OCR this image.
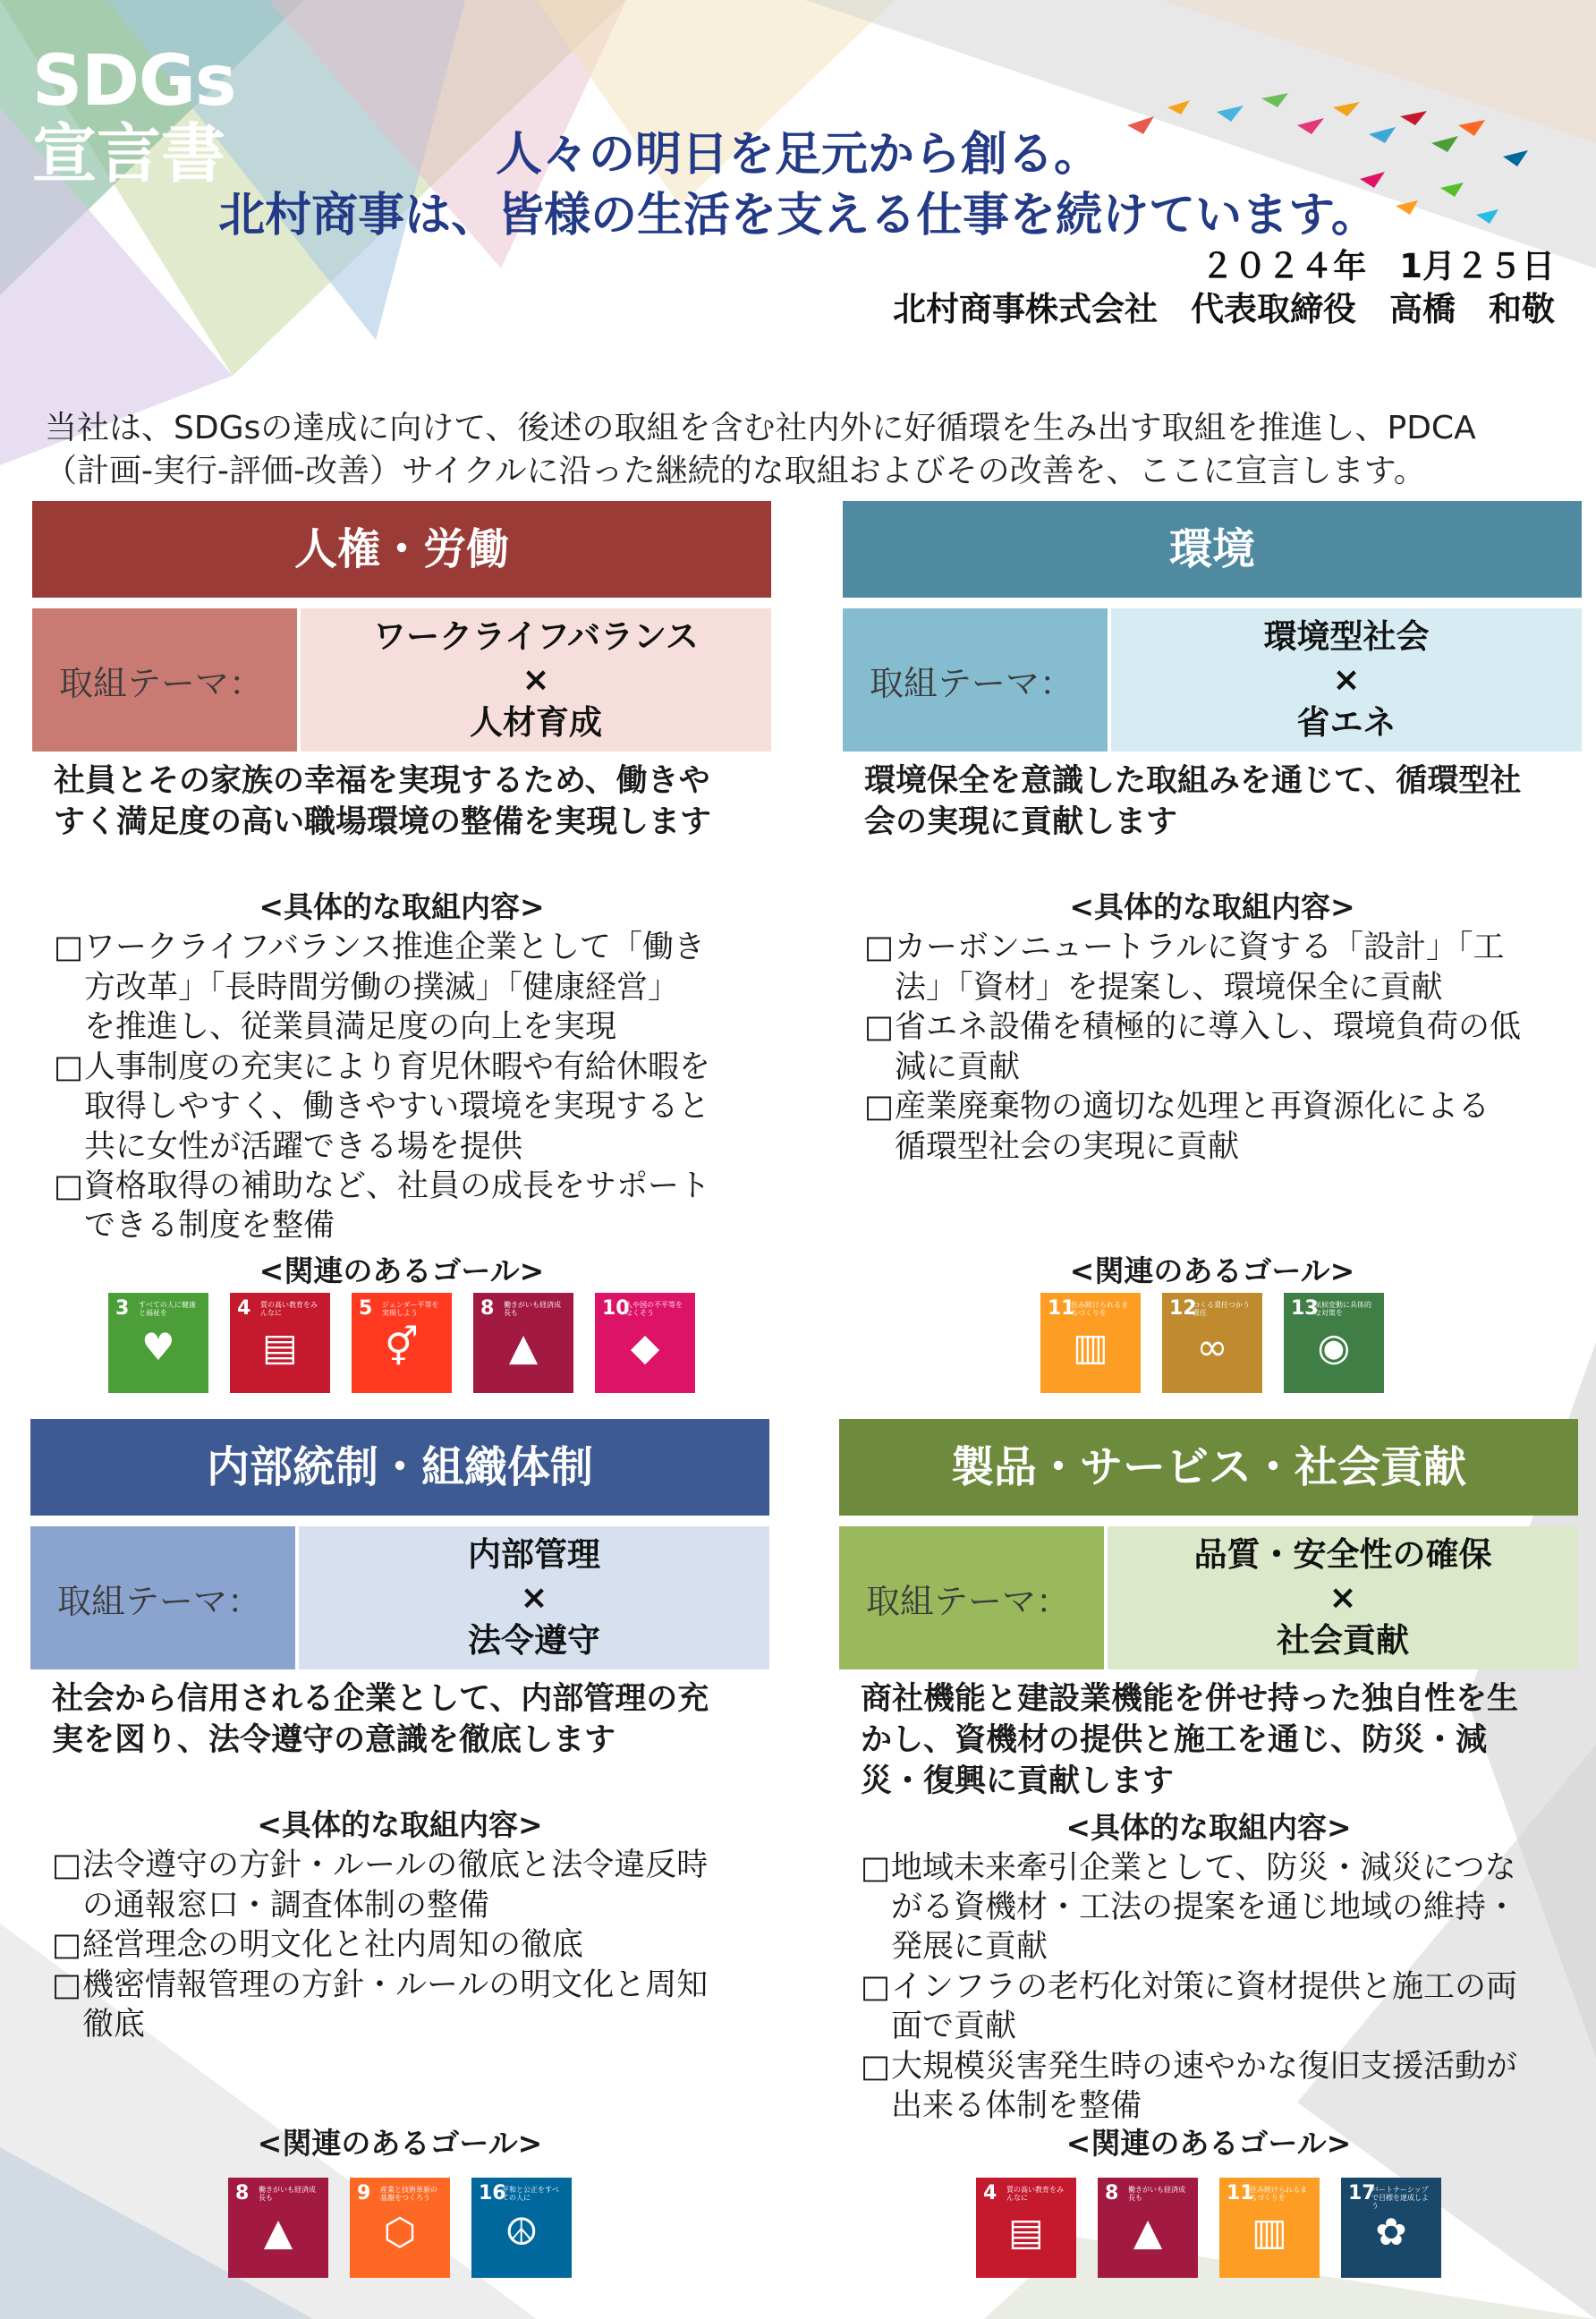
SDGs
宣言書	人々の明日を足元から創る。
北村商事は、皆様の生活を支える仕事を続けています。
２０２４年　1月２５日
北村商事株式会社　代表取締役　高橋　和敬
当社は、SDGsの達成に向けて、後述の取組を含む社内外に好循環を生み出す取組を推進し、PDCA
（計画-実行-評価-改善）サイクルに沿った継続的な取組およびその改善を、ここに宣言します。
人権・労働
取組テーマ：
ワークライフバランス
×
人材育成
社員とその家族の幸福を実現するため、働きや
すく満足度の高い職場環境の整備を実現します
<具体的な取組内容>
□ ワークライフバランス推進企業として「働き
方改革」「長時間労働の撲滅」「健康経営」
を推進し、従業員満足度の向上を実現
□ 人事制度の充実により育児休暇や有給休暇を
取得しやすく、働きやすい環境を実現すると
共に女性が活躍できる場を提供
□ 資格取得の補助など、社員の成長をサポート
できる制度を整備
<関連のあるゴール>
3 すべての人に健康と福祉を
♥
4 質の高い教育をみんなに
▤
5 ジェンダー平等を実現しよう
⚥
8 働きがいも経済成長も
▲
10
人や国の不平等をなくそう
◆
環境
取組テーマ：
環境型社会
×
省エネ
環境保全を意識した取組みを通じて、循環型社
会の実現に貢献します
<具体的な取組内容>
□ カーボンニュートラルに資する「設計」「工
法」「資材」を提案し、環境保全に貢献
□ 省エネ設備を積極的に導入し、環境負荷の低
減に貢献
□ 産業廃棄物の適切な処理と再資源化による
循環型社会の実現に貢献
<関連のあるゴール>
11
住み続けられるまちづくりを
▥
12
つくる責任つかう責任
∞
13
気候変動に具体的な対策を
◉
内部統制・組織体制
取組テーマ：
内部管理
×
法令遵守
社会から信用される企業として、内部管理の充
実を図り、法令遵守の意識を徹底します
<具体的な取組内容>
□ 法令遵守の方針・ルールの徹底と法令違反時
の通報窓口・調査体制の整備
□ 経営理念の明文化と社内周知の徹底
□ 機密情報管理の方針・ルールの明文化と周知
徹底
<関連のあるゴール>
8 働きがいも経済成長も
▲
9 産業と技術革新の基盤をつくろう
⬡
16
平和と公正をすべての人に
☮
製品・サービス・社会貢献
取組テーマ：
品質・安全性の確保
×
社会貢献
商社機能と建設業機能を併せ持った独自性を生
かし、資機材の提供と施工を通じ、防災・減
災・復興に貢献します
<具体的な取組内容>
□ 地域未来牽引企業として、防災・減災につな
がる資機材・工法の提案を通じ地域の維持・
発展に貢献
□ インフラの老朽化対策に資材提供と施工の両
面で貢献
□ 大規模災害発生時の速やかな復旧支援活動が
出来る体制を整備
<関連のあるゴール>
4 質の高い教育をみんなに
▤
8 働きがいも経済成長も
▲
11
住み続けられるまちづくりを
▥
17
パートナーシップで目標を達成しよう
✿
